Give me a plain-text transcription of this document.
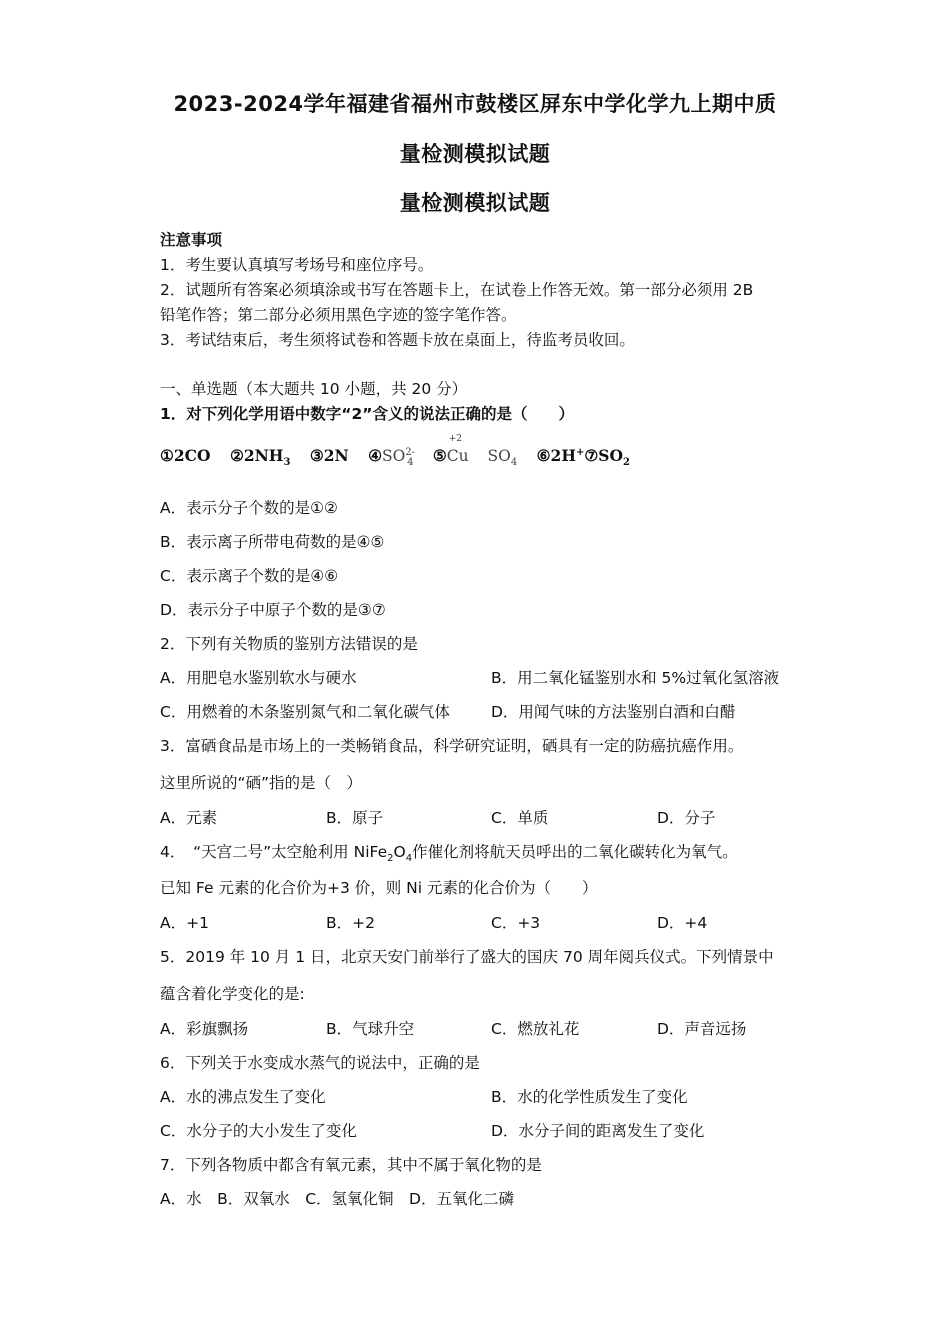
2023-2024学年福建省福州市鼓楼区屏东中学化学九上期中质
量检测模拟试题
量检测模拟试题
注意事项
1．考生要认真填写考场号和座位序号。
2．试题所有答案必须填涂或书写在答题卡上，在试卷上作答无效。第一部分必须用 2B
铅笔作答；第二部分必须用黑色字迹的签字笔作答。
3．考试结束后，考生须将试卷和答题卡放在桌面上，待监考员收回。
一、单选题（本大题共 10 小题，共 20 分）
1．对下列化学用语中数字“2”含义的说法正确的是（　　）
①2CO $②2NH_3$ ③2N $④SO^{2-}_4$ ⑤
+2
Cu $SO_4$ $⑥2H^+⑦SO_2$
A．表示分子个数的是①②
B．表示离子所带电荷数的是④⑤
C．表示离子个数的是④⑥
D．表示分子中原子个数的是③⑦
2．下列有关物质的鉴别方法错误的是
A．用肥皂水鉴别软水与硬水	B．用二氧化锰鉴别水和 5%过氧化氢溶液
C．用燃着的木条鉴别氮气和二氧化碳气体	D．用闻气味的方法鉴别白酒和白醋
3．富硒食品是市场上的一类畅销食品，科学研究证明，硒具有一定的防癌抗癌作用。
这里所说的“硒”指的是（　）
A．元素	B．原子	C．单质	D．分子
4．　“天宫二号”太空舱利用 $NiFe_2O_4$作催化剂将航天员呼出的二氧化碳转化为氧气。
已知 Fe 元素的化合价为+3 价，则 Ni 元素的化合价为（　　）
A．+1	B．+2	C．+3	D．+4
5．2019 年 10 月 1 日，北京天安门前举行了盛大的国庆 70 周年阅兵仪式。下列情景中
蕴含着化学变化的是:
A．彩旗飘扬	B．气球升空	C．燃放礼花	D．声音远扬
6．下列关于水变成水蒸气的说法中，正确的是
A．水的沸点发生了变化	B．水的化学性质发生了变化
C．水分子的大小发生了变化	D．水分子间的距离发生了变化
7．下列各物质中都含有氧元素，其中不属于氧化物的是
A．水　B．双氧水　C．氢氧化铜　D．五氧化二磷
